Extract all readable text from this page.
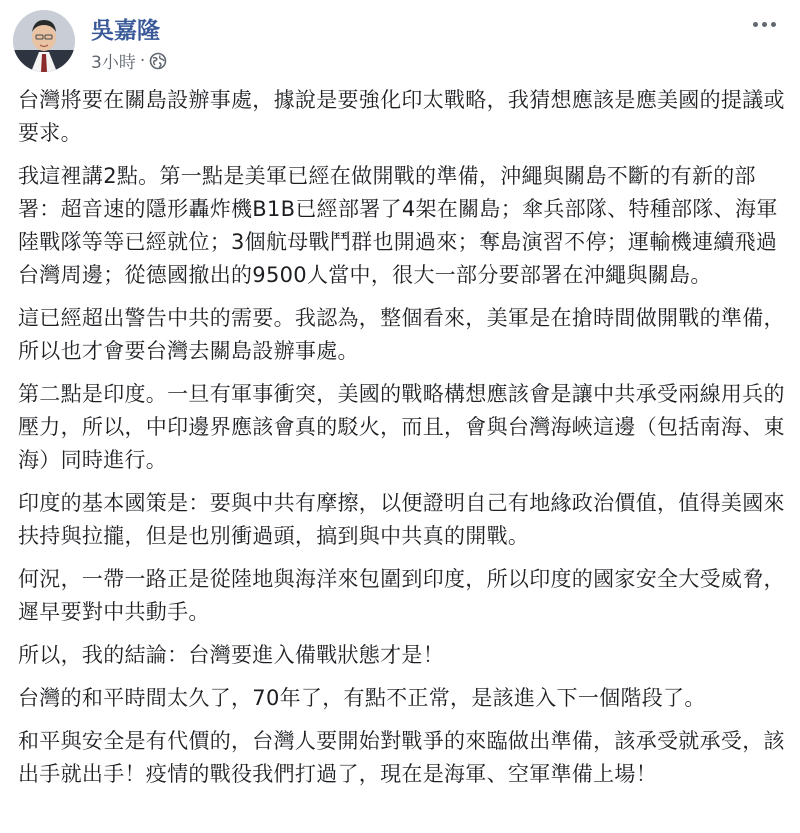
吳嘉隆
3小時 ·

台灣將要在關島設辦事處，據說是要強化印太戰略，我猜想應該是應美國的提議或要求。

我這裡講2點。第一點是美軍已經在做開戰的準備，沖繩與關島不斷的有新的部署：超音速的隱形轟炸機B1B已經部署了4架在關島；傘兵部隊、特種部隊、海軍陸戰隊等等已經就位；3個航母戰鬥群也開過來；奪島演習不停；運輸機連續飛過台灣周邊；從德國撤出的9500人當中，很大一部分要部署在沖繩與關島。

這已經超出警告中共的需要。我認為，整個看來，美軍是在搶時間做開戰的準備，所以也才會要台灣去關島設辦事處。

第二點是印度。一旦有軍事衝突，美國的戰略構想應該會是讓中共承受兩線用兵的壓力，所以，中印邊界應該會真的駁火，而且，會與台灣海峽這邊（包括南海、東海）同時進行。

印度的基本國策是：要與中共有摩擦，以便證明自己有地緣政治價值，值得美國來扶持與拉攏，但是也別衝過頭，搞到與中共真的開戰。

何況，一帶一路正是從陸地與海洋來包圍到印度，所以印度的國家安全大受威脅，遲早要對中共動手。

所以，我的結論：台灣要進入備戰狀態才是！

台灣的和平時間太久了，70年了，有點不正常，是該進入下一個階段了。

和平與安全是有代價的，台灣人要開始對戰爭的來臨做出準備，該承受就承受，該出手就出手！疫情的戰役我們打過了，現在是海軍、空軍準備上場！
